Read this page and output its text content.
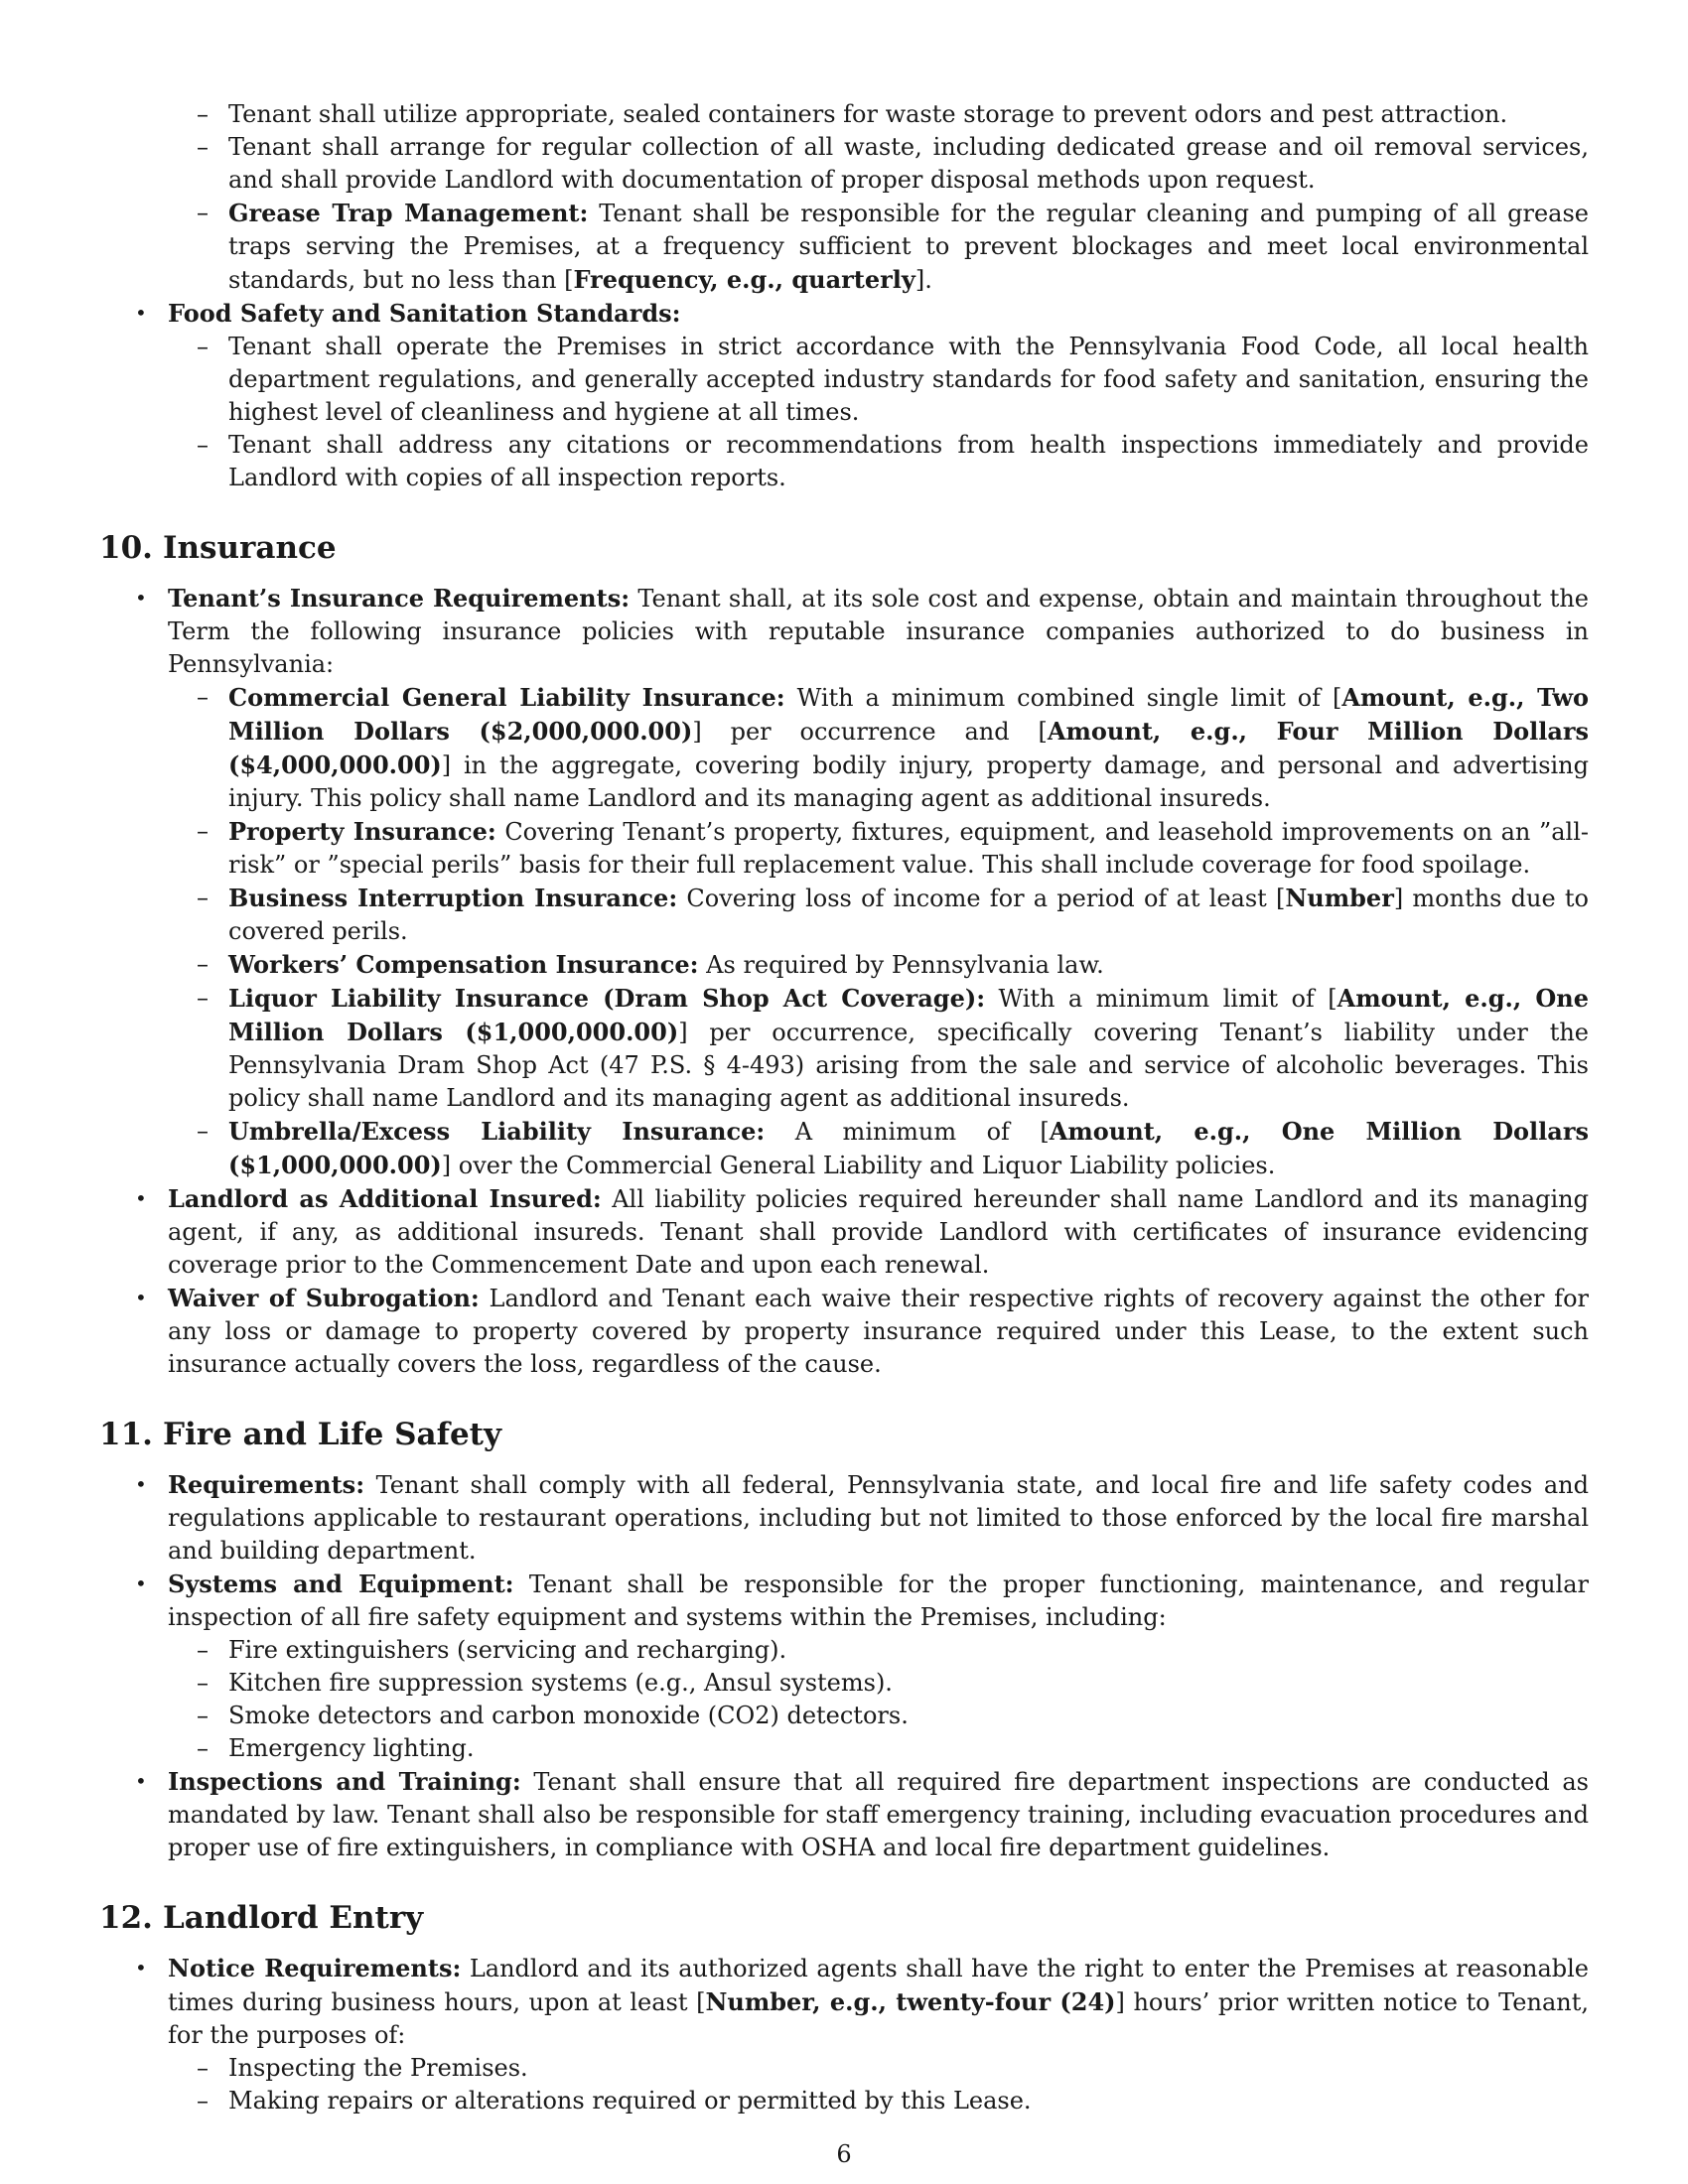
– Tenant shall utilize appropriate, sealed containers for waste storage to prevent odors and pest attraction.
– Tenant shall arrange for regular collection of all waste, including dedicated grease and oil removal services, and shall provide Landlord with documentation of proper disposal methods upon request.
– Grease Trap Management: Tenant shall be responsible for the regular cleaning and pumping of all grease traps serving the Premises, at a frequency sufficient to prevent blockages and meet local environmental standards, but no less than [Frequency, e.g., quarterly].
• Food Safety and Sanitation Standards:
– Tenant shall operate the Premises in strict accordance with the Pennsylvania Food Code, all local health department regulations, and generally accepted industry standards for food safety and sanitation, ensuring the highest level of cleanliness and hygiene at all times.
– Tenant shall address any citations or recommendations from health inspections immediately and provide Landlord with copies of all inspection reports.
10. Insurance
• Tenant’s Insurance Requirements: Tenant shall, at its sole cost and expense, obtain and maintain throughout the Term the following insurance policies with reputable insurance companies authorized to do business in Pennsylvania:
– Commercial General Liability Insurance: With a minimum combined single limit of [Amount, e.g., Two Million Dollars ($2,000,000.00)] per occurrence and [Amount, e.g., Four Million Dollars ($4,000,000.00)] in the aggregate, covering bodily injury, property damage, and personal and advertising injury. This policy shall name Landlord and its managing agent as additional insureds.
– Property Insurance: Covering Tenant’s property, fixtures, equipment, and leasehold improvements on an ”all-risk” or ”special perils” basis for their full replacement value. This shall include coverage for food spoilage.
– Business Interruption Insurance: Covering loss of income for a period of at least [Number] months due to covered perils.
– Workers’ Compensation Insurance: As required by Pennsylvania law.
– Liquor Liability Insurance (Dram Shop Act Coverage): With a minimum limit of [Amount, e.g., One Million Dollars ($1,000,000.00)] per occurrence, specifically covering Tenant’s liability under the Pennsylvania Dram Shop Act (47 P.S. § 4-493) arising from the sale and service of alcoholic beverages. This policy shall name Landlord and its managing agent as additional insureds.
– Umbrella/Excess Liability Insurance: A minimum of [Amount, e.g., One Million Dollars ($1,000,000.00)] over the Commercial General Liability and Liquor Liability policies.
• Landlord as Additional Insured: All liability policies required hereunder shall name Landlord and its managing agent, if any, as additional insureds. Tenant shall provide Landlord with certificates of insurance evidencing coverage prior to the Commencement Date and upon each renewal.
• Waiver of Subrogation: Landlord and Tenant each waive their respective rights of recovery against the other for any loss or damage to property covered by property insurance required under this Lease, to the extent such insurance actually covers the loss, regardless of the cause.
11. Fire and Life Safety
• Requirements: Tenant shall comply with all federal, Pennsylvania state, and local fire and life safety codes and regulations applicable to restaurant operations, including but not limited to those enforced by the local fire marshal and building department.
• Systems and Equipment: Tenant shall be responsible for the proper functioning, maintenance, and regular inspection of all fire safety equipment and systems within the Premises, including:
– Fire extinguishers (servicing and recharging).
– Kitchen fire suppression systems (e.g., Ansul systems).
– Smoke detectors and carbon monoxide (CO2) detectors.
– Emergency lighting.
• Inspections and Training: Tenant shall ensure that all required fire department inspections are conducted as mandated by law. Tenant shall also be responsible for staff emergency training, including evacuation procedures and proper use of fire extinguishers, in compliance with OSHA and local fire department guidelines.
12. Landlord Entry
• Notice Requirements: Landlord and its authorized agents shall have the right to enter the Premises at reasonable times during business hours, upon at least [Number, e.g., twenty-four (24)] hours’ prior written notice to Tenant, for the purposes of:
– Inspecting the Premises.
– Making repairs or alterations required or permitted by this Lease.
6
